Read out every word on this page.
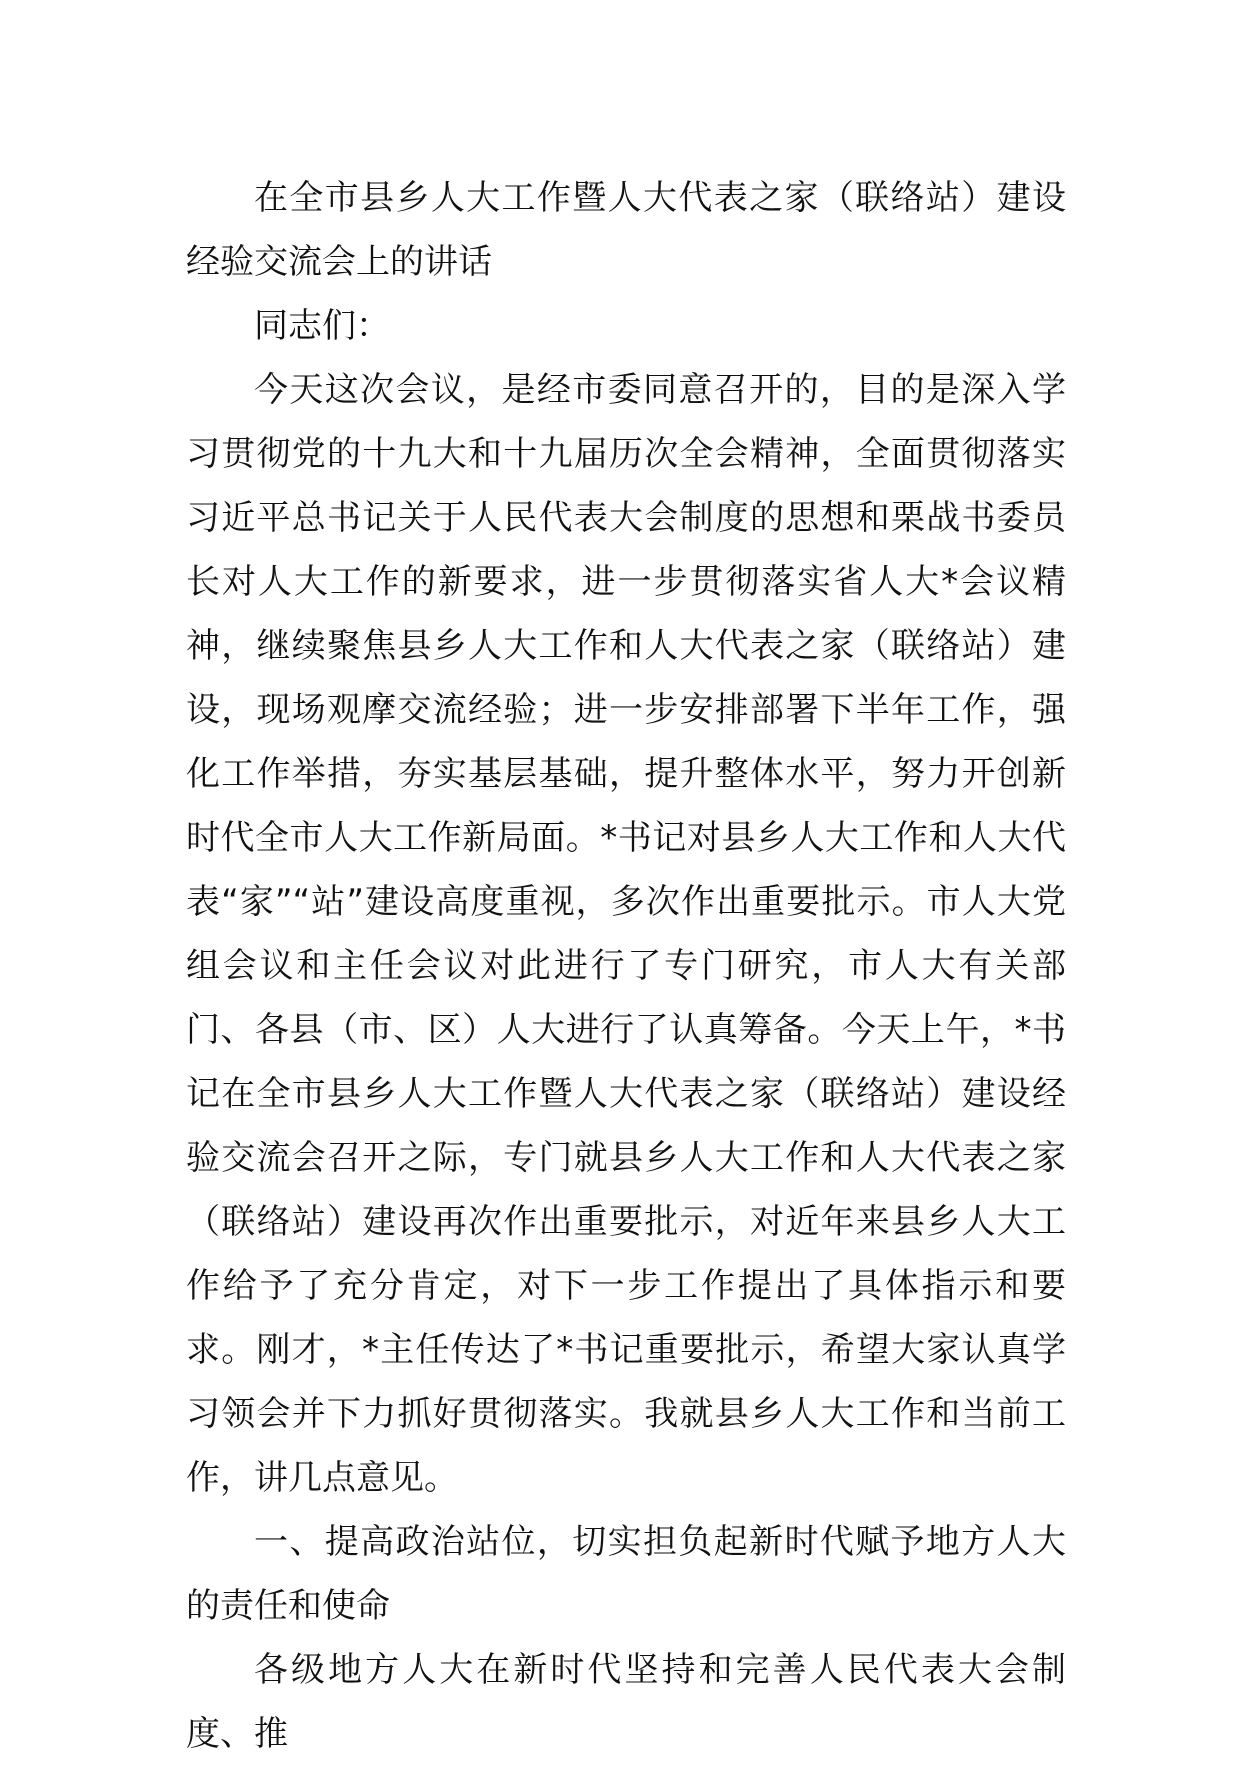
在全市县乡人大工作暨人大代表之家（联络站）建设经验交流会上的讲话

同志们：

今天这次会议，是经市委同意召开的，目的是深入学习贯彻党的十九大和十九届历次全会精神，全面贯彻落实习近平总书记关于人民代表大会制度的思想和栗战书委员长对人大工作的新要求，进一步贯彻落实省人大*会议精神，继续聚焦县乡人大工作和人大代表之家（联络站）建设，现场观摩交流经验；进一步安排部署下半年工作，强化工作举措，夯实基层基础，提升整体水平，努力开创新时代全市人大工作新局面。*书记对县乡人大工作和人大代表“家”“站”建设高度重视，多次作出重要批示。市人大党组会议和主任会议对此进行了专门研究，市人大有关部门、各县（市、区）人大进行了认真筹备。今天上午，*书记在全市县乡人大工作暨人大代表之家（联络站）建设经验交流会召开之际，专门就县乡人大工作和人大代表之家（联络站）建设再次作出重要批示，对近年来县乡人大工作给予了充分肯定，对下一步工作提出了具体指示和要求。刚才，*主任传达了*书记重要批示，希望大家认真学习领会并下力抓好贯彻落实。我就县乡人大工作和当前工作，讲几点意见。

一、提高政治站位，切实担负起新时代赋予地方人大的责任和使命

各级地方人大在新时代坚持和完善人民代表大会制度、推
